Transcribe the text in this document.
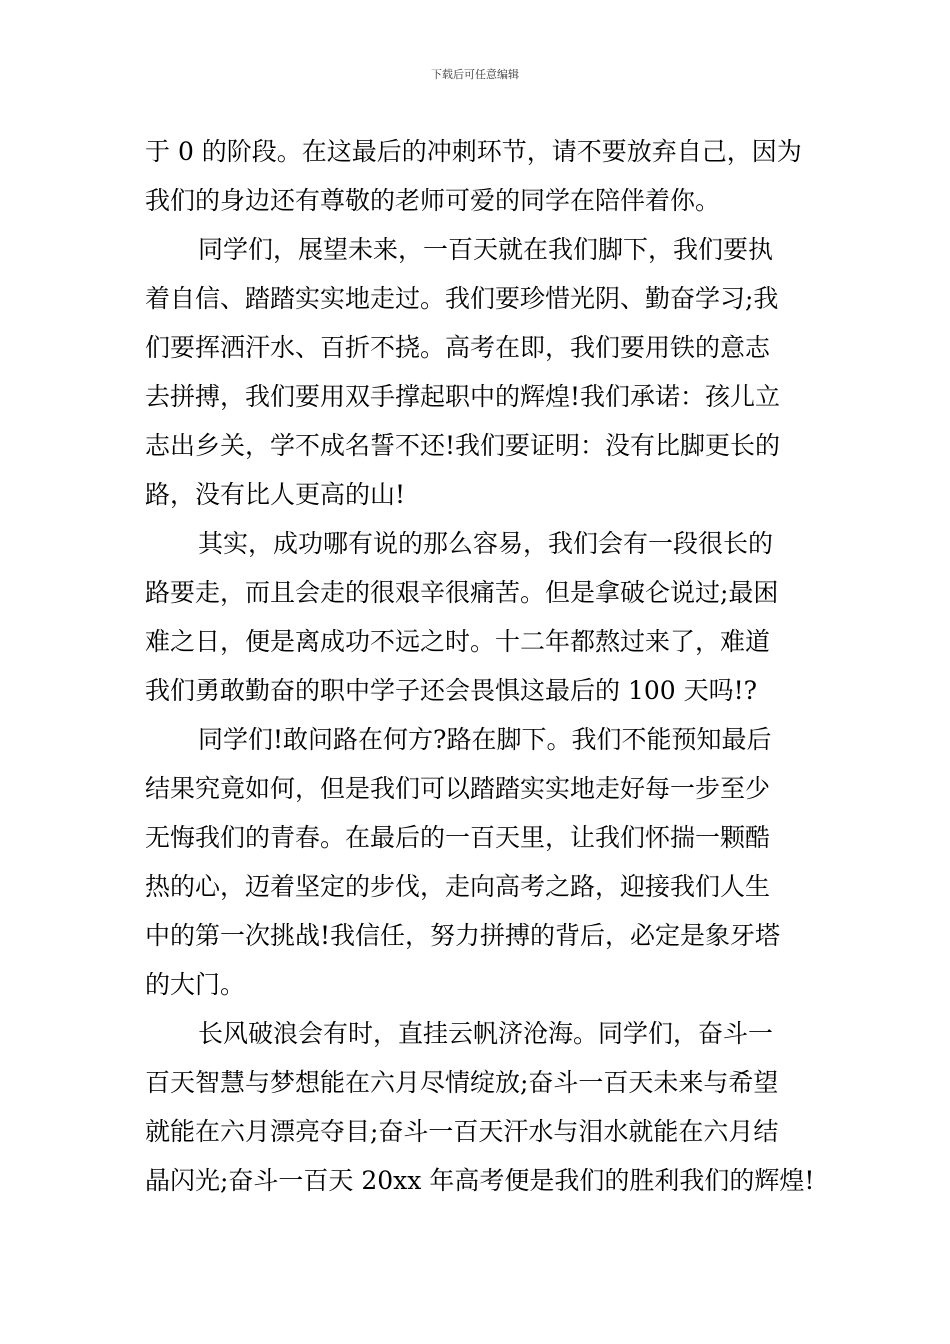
下载后可任意编辑
于 0 的阶段。在这最后的冲刺环节，请不要放弃自己，因为
我们的身边还有尊敬的老师可爱的同学在陪伴着你。
同学们，展望未来，一百天就在我们脚下，我们要执
着自信、踏踏实实地走过。我们要珍惜光阴、勤奋学习;我
们要挥洒汗水、百折不挠。高考在即，我们要用铁的意志
去拼搏，我们要用双手撑起职中的辉煌!我们承诺：孩儿立
志出乡关，学不成名誓不还!我们要证明：没有比脚更长的
路，没有比人更高的山!
其实，成功哪有说的那么容易，我们会有一段很长的
路要走，而且会走的很艰辛很痛苦。但是拿破仑说过;最困
难之日，便是离成功不远之时。十二年都熬过来了，难道
我们勇敢勤奋的职中学子还会畏惧这最后的 100 天吗!?
同学们!敢问路在何方?路在脚下。我们不能预知最后
结果究竟如何，但是我们可以踏踏实实地走好每一步至少
无悔我们的青春。在最后的一百天里，让我们怀揣一颗酷
热的心，迈着坚定的步伐，走向高考之路，迎接我们人生
中的第一次挑战!我信任，努力拼搏的背后，必定是象牙塔
的大门。
长风破浪会有时，直挂云帆济沧海。同学们，奋斗一
百天智慧与梦想能在六月尽情绽放;奋斗一百天未来与希望
就能在六月漂亮夺目;奋斗一百天汗水与泪水就能在六月结
晶闪光;奋斗一百天 20xx 年高考便是我们的胜利我们的辉煌!
